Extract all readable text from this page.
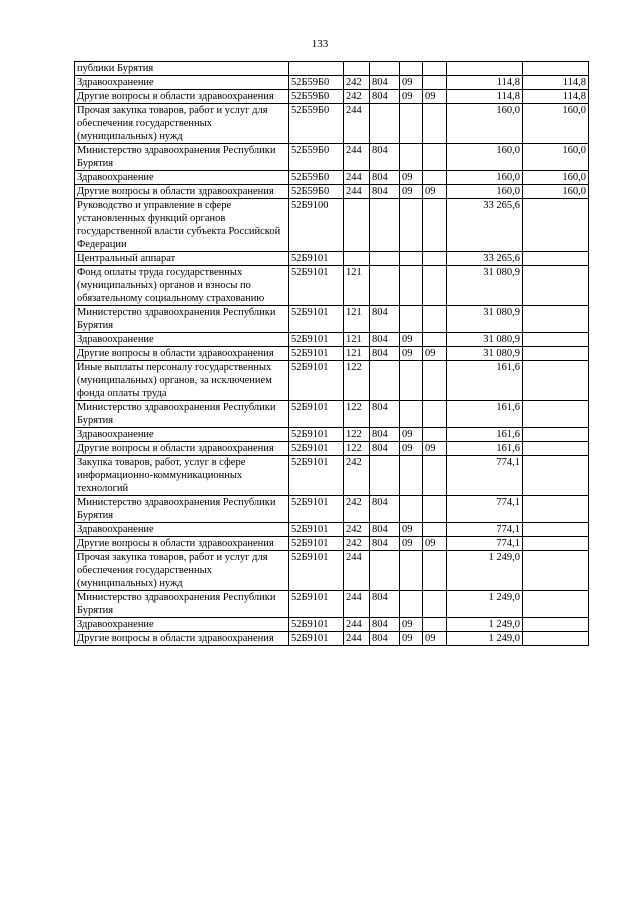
133
публики Бурятия							
Здравоохранение	52Б59Б0	242	804	09		114,8	114,8
Другие вопросы в области здравоохранения	52Б59Б0	242	804	09	09	114,8	114,8
Прочая закупка товаров, работ и услуг для обеспечения государственных (муниципальных) нужд	52Б59Б0	244				160,0	160,0
Министерство здравоохранения Республики Бурятия	52Б59Б0	244	804			160,0	160,0
Здравоохранение	52Б59Б0	244	804	09		160,0	160,0
Другие вопросы в области здравоохранения	52Б59Б0	244	804	09	09	160,0	160,0
Руководство и управление в сфере установленных функций органов государственной власти субъекта Российской Федерации	52Б9100					33 265,6	
Центральный аппарат	52Б9101					33 265,6	
Фонд оплаты труда государственных (муниципальных) органов и взносы по обязательному социальному страхованию	52Б9101	121				31 080,9	
Министерство здравоохранения Республики Бурятия	52Б9101	121	804			31 080,9	
Здравоохранение	52Б9101	121	804	09		31 080,9	
Другие вопросы в области здравоохранения	52Б9101	121	804	09	09	31 080,9	
Иные выплаты персоналу государственных (муниципальных) органов, за исключением фонда оплаты труда	52Б9101	122				161,6	
Министерство здравоохранения Республики Бурятия	52Б9101	122	804			161,6	
Здравоохранение	52Б9101	122	804	09		161,6	
Другие вопросы в области здравоохранения	52Б9101	122	804	09	09	161,6	
Закупка товаров, работ, услуг в сфере информационно-коммуникационных технологий	52Б9101	242				774,1	
Министерство здравоохранения Республики Бурятия	52Б9101	242	804			774,1	
Здравоохранение	52Б9101	242	804	09		774,1	
Другие вопросы в области здравоохранения	52Б9101	242	804	09	09	774,1	
Прочая закупка товаров, работ и услуг для обеспечения государственных (муниципальных) нужд	52Б9101	244				1 249,0	
Министерство здравоохранения Республики Бурятия	52Б9101	244	804			1 249,0	
Здравоохранение	52Б9101	244	804	09		1 249,0	
Другие вопросы в области здравоохранения	52Б9101	244	804	09	09	1 249,0	
